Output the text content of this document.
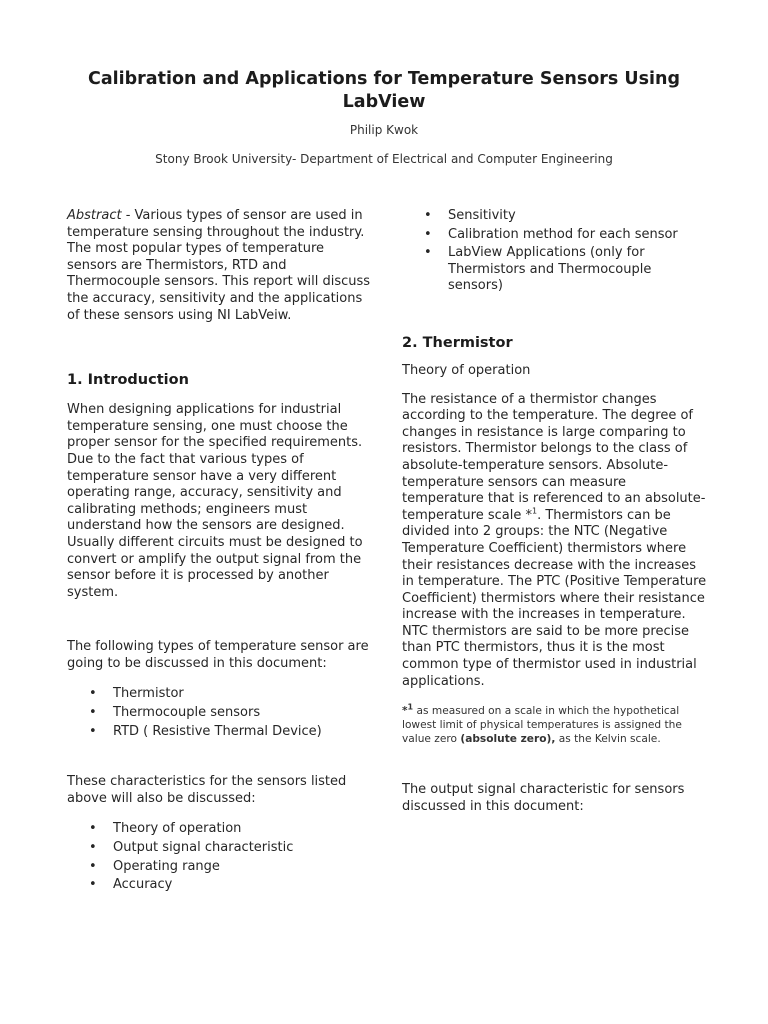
Calibration and Applications for Temperature Sensors Using LabView
Philip Kwok
Stony Brook University- Department of Electrical and Computer Engineering

Abstract - Various types of sensor are used in temperature sensing throughout the industry. The most popular types of temperature sensors are Thermistors, RTD and Thermocouple sensors. This report will discuss the accuracy, sensitivity and the applications of these sensors using NI LabVeiw.

1. Introduction

When designing applications for industrial temperature sensing, one must choose the proper sensor for the specified requirements. Due to the fact that various types of temperature sensor have a very different operating range, accuracy, sensitivity and calibrating methods; engineers must understand how the sensors are designed. Usually different circuits must be designed to convert or amplify the output signal from the sensor before it is processed by another system.

The following types of temperature sensor are going to be discussed in this document:

• Thermistor
• Thermocouple sensors
• RTD ( Resistive Thermal Device)

These characteristics for the sensors listed above will also be discussed:

• Theory of operation
• Output signal characteristic
• Operating range
• Accuracy
• Sensitivity
• Calibration method for each sensor
• LabView Applications (only for Thermistors and Thermocouple sensors)
2. Thermistor

Theory of operation

The resistance of a thermistor changes according to the temperature. The degree of changes in resistance is large comparing to resistors. Thermistor belongs to the class of absolute-temperature sensors. Absolute-temperature sensors can measure temperature that is referenced to an absolute-temperature scale *$^1$. Thermistors can be divided into 2 groups: the NTC (Negative Temperature Coefficient) thermistors where their resistances decrease with the increases in temperature. The PTC (Positive Temperature Coefficient) thermistors where their resistance increase with the increases in temperature. NTC thermistors are said to be more precise than PTC thermistors, thus it is the most common type of thermistor used in industrial applications.

*$^1$ as measured on a scale in which the hypothetical lowest limit of physical temperatures is assigned the value zero (absolute zero), as the Kelvin scale.

The output signal characteristic for sensors discussed in this document:
